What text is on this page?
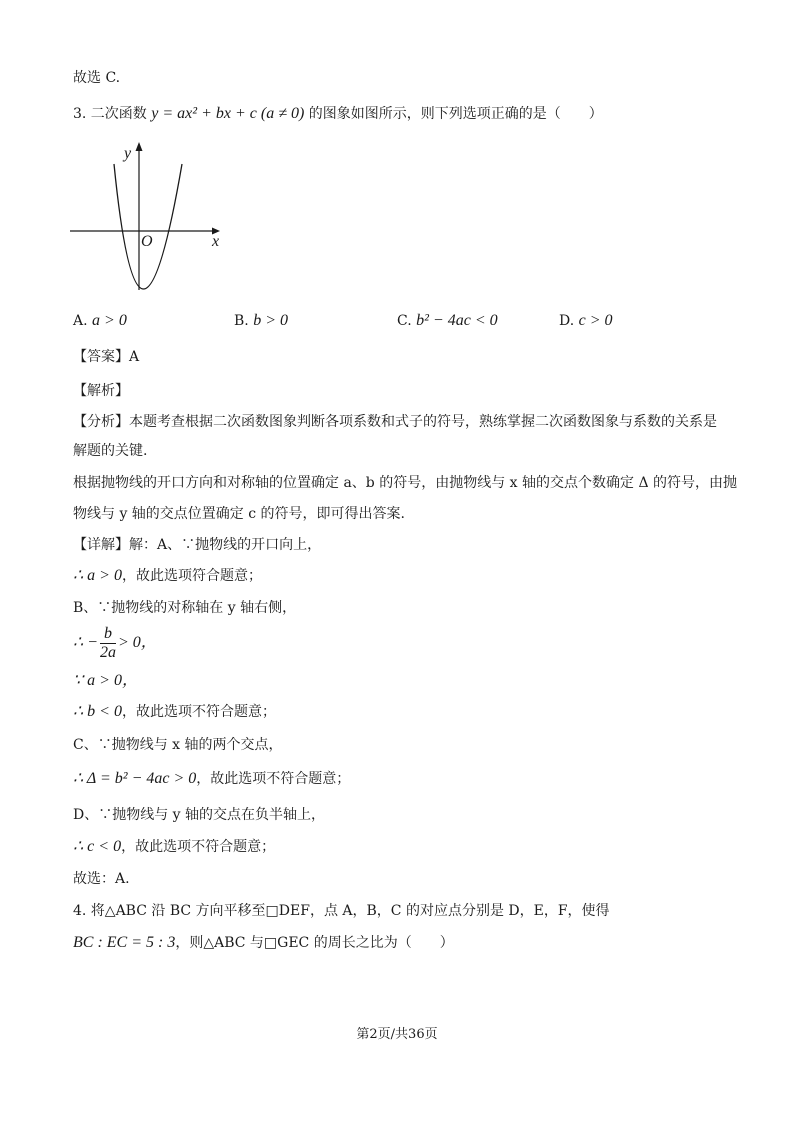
故选 C.
3. 二次函数 y = ax² + bx + c (a ≠ 0) 的图象如图所示，则下列选项正确的是（　　）
y
x
O
A. a > 0	B. b > 0	C. b² − 4ac < 0	D. c > 0
【答案】A
【解析】
【分析】本题考查根据二次函数图象判断各项系数和式子的符号，熟练掌握二次函数图象与系数的关系是
解题的关键.
根据抛物线的开口方向和对称轴的位置确定 a、b 的符号，由抛物线与 x 轴的交点个数确定 Δ 的符号，由抛
物线与 y 轴的交点位置确定 c 的符号，即可得出答案.
【详解】解：A、∵抛物线的开口向上，
∴ a > 0，故此选项符合题意；
B、∵抛物线的对称轴在 y 轴右侧，
∴ − $\frac{b}{2a} > 0$，
∵ a > 0，
∴ b < 0，故此选项不符合题意；
C、∵抛物线与 x 轴的两个交点，
∴ Δ = b² − 4ac > 0，故此选项不符合题意；
D、∵抛物线与 y 轴的交点在负半轴上，
∴ c < 0，故此选项不符合题意；
故选：A.
4. 将△ABC 沿 BC 方向平移至□DEF，点 A，B，C 的对应点分别是 D，E，F，使得
BC : EC = 5 : 3，则△ABC 与□GEC 的周长之比为（　　）
第2页/共36页
